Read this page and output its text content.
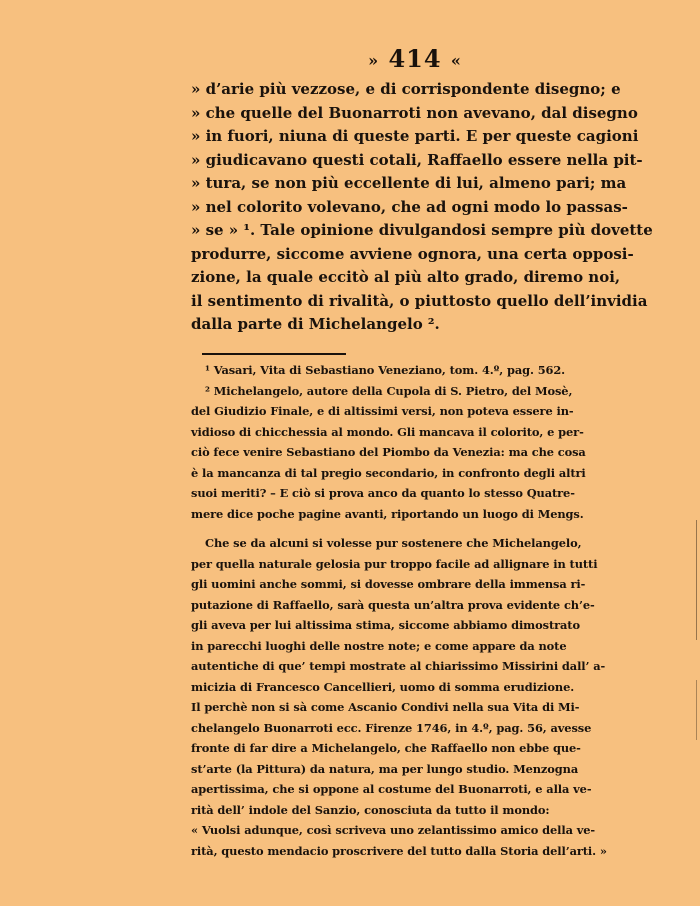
» 414 «
» d’arie più vezzose, e di corrispondente disegno; e
» che quelle del Buonarroti non avevano, dal disegno
» in fuori, niuna di queste parti. E per queste cagioni
» giudicavano questi cotali, Raffaello essere nella pit-
» tura, se non più eccellente di lui, almeno pari; ma
» nel colorito volevano, che ad ogni modo lo passas-
» se » ¹. Tale opinione divulgandosi sempre più dovette
produrre, siccome avviene ognora, una certa opposi-
zione, la quale eccitò al più alto grado, diremo noi,
il sentimento di rivalità, o piuttosto quello dell’invidia
dalla parte di Michelangelo ².
¹ Vasari, Vita di Sebastiano Veneziano, tom. 4.º, pag. 562.
² Michelangelo, autore della Cupola di S. Pietro, del Mosè,
del Giudizio Finale, e di altissimi versi, non poteva essere in-
vidioso di chicchessia al mondo. Gli mancava il colorito, e per-
ciò fece venire Sebastiano del Piombo da Venezia: ma che cosa
è la mancanza di tal pregio secondario, in confronto degli altri
suoi meriti? – E ciò si prova anco da quanto lo stesso Quatre-
mere dice poche pagine avanti, riportando un luogo di Mengs.
Che se da alcuni si volesse pur sostenere che Michelangelo,
per quella naturale gelosia pur troppo facile ad allignare in tutti
gli uomini anche sommi, si dovesse ombrare della immensa ri-
putazione di Raffaello, sarà questa un’altra prova evidente ch’e-
gli aveva per lui altissima stima, siccome abbiamo dimostrato
in parecchi luoghi delle nostre note; e come appare da note
autentiche di que’ tempi mostrate al chiarissimo Missirini dall’ a-
micizia di Francesco Cancellieri, uomo di somma erudizione.
Il perchè non si sà come Ascanio Condivi nella sua Vita di Mi-
chelangelo Buonarroti ecc. Firenze 1746, in 4.º, pag. 56, avesse
fronte di far dire a Michelangelo, che Raffaello non ebbe que-
st’arte (la Pittura) da natura, ma per lungo studio. Menzogna
apertissima, che si oppone al costume del Buonarroti, e alla ve-
rità dell’ indole del Sanzio, conosciuta da tutto il mondo:
« Vuolsi adunque, così scriveva uno zelantissimo amico della ve-
rità, questo mendacio proscrivere del tutto dalla Storia dell’arti. »
